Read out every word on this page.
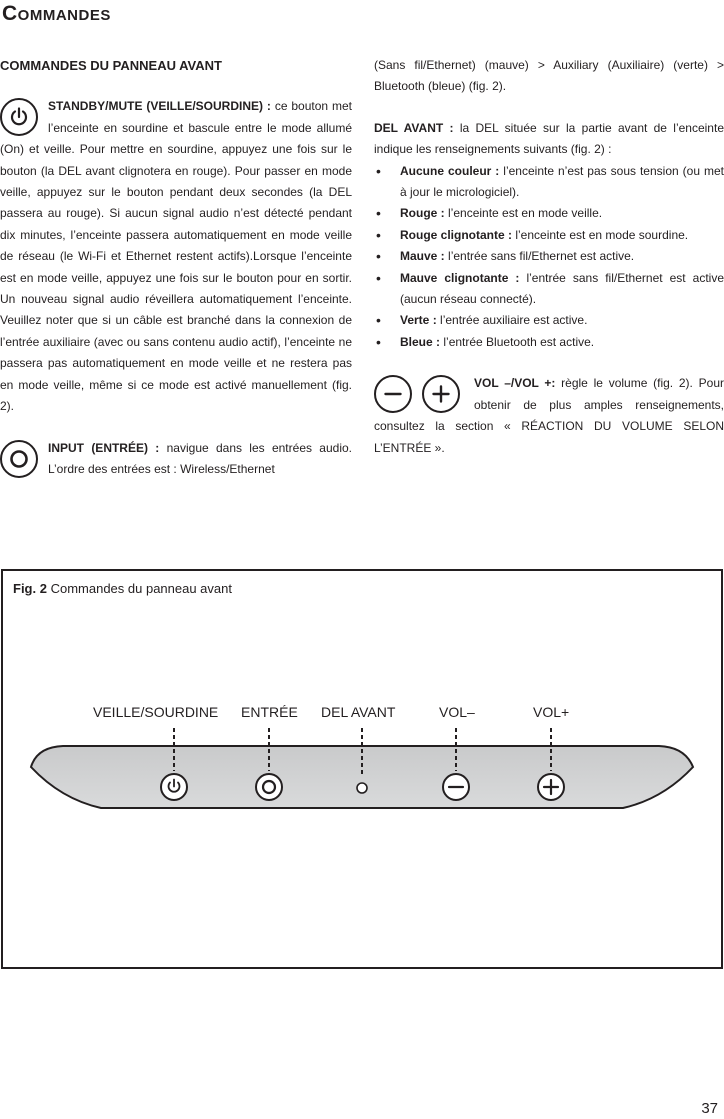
Commandes
COMMANDES DU PANNEAU AVANT
STANDBY/MUTE (VEILLE/SOURDINE) : ce bouton met l’enceinte en sourdine et bascule entre le mode allumé (On) et veille. Pour mettre en sourdine, appuyez une fois sur le bouton (la DEL avant clignotera en rouge). Pour passer en mode veille, appuyez sur le bouton pendant deux secondes (la DEL passera au rouge). Si aucun signal audio n’est détecté pendant dix minutes, l’enceinte passera automatiquement en mode veille de réseau (le Wi-Fi et Ethernet restent actifs).Lorsque l’enceinte est en mode veille, appuyez une fois sur le bouton pour en sortir. Un nouveau signal audio réveillera automatiquement l’enceinte. Veuillez noter que si un câble est branché dans la connexion de l’entrée auxiliaire (avec ou sans contenu audio actif), l’enceinte ne passera pas automatiquement en mode veille et ne restera pas en mode veille, même si ce mode est activé manuellement (fig. 2).
INPUT (ENTRÉE) : navigue dans les entrées audio. L’ordre des entrées est : Wireless/Ethernet
(Sans fil/Ethernet) (mauve) > Auxiliary (Auxiliaire) (verte) > Bluetooth (bleue) (fig. 2).
DEL AVANT : la DEL située sur la partie avant de l’enceinte indique les renseignements suivants (fig. 2) :
• Aucune couleur : l’enceinte n’est pas sous tension (ou met à jour le micrologiciel).
• Rouge : l’enceinte est en mode veille.
• Rouge clignotante : l’enceinte est en mode sourdine.
• Mauve : l’entrée sans fil/Ethernet est active.
• Mauve clignotante : l’entrée sans fil/Ethernet est active (aucun réseau connecté).
• Verte : l’entrée auxiliaire est active.
• Bleue : l’entrée Bluetooth est active.
VOL –/VOL +: règle le volume (fig. 2). Pour obtenir de plus amples renseignements, consultez la section « RÉACTION DU VOLUME SELON L’ENTRÉE ».
Fig. 2 Commandes du panneau avant
VEILLE/SOURDINE ENTRÉE DEL AVANT	VOL–	VOL+
37
